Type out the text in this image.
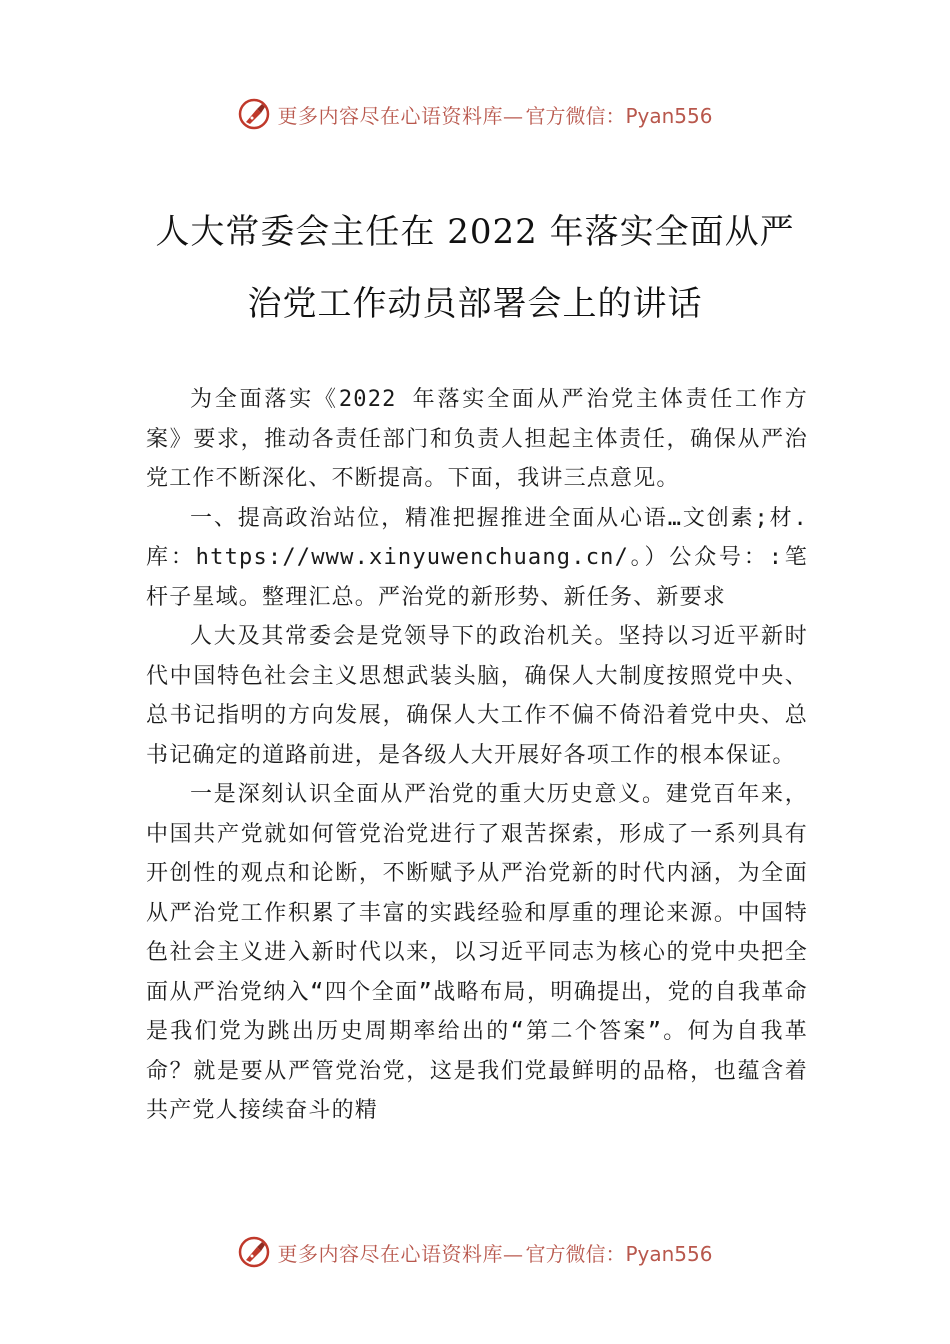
更多内容尽在心语资料库— 官方微信：Pyan556
人大常委会主任在 2022 年落实全面从严治党工作动员部署会上的讲话

为全面落实《2022 年落实全面从严治党主体责任工作方案》要求，推动各责任部门和负责人担起主体责任，确保从严治党工作不断深化、不断提高。下面，我讲三点意见。

一、提高政治站位，精准把握推进全面从心语…文创素;材.库：https://www.xinyuwenchuang.cn/。）公众号：:笔杆子星域。整理汇总。严治党的新形势、新任务、新要求

人大及其常委会是党领导下的政治机关。坚持以习近平新时代中国特色社会主义思想武装头脑，确保人大制度按照党中央、总书记指明的方向发展，确保人大工作不偏不倚沿着党中央、总书记确定的道路前进，是各级人大开展好各项工作的根本保证。

一是深刻认识全面从严治党的重大历史意义。建党百年来，中国共产党就如何管党治党进行了艰苦探索，形成了一系列具有开创性的观点和论断，不断赋予从严治党新的时代内涵，为全面从严治党工作积累了丰富的实践经验和厚重的理论来源。中国特色社会主义进入新时代以来，以习近平同志为核心的党中央把全面从严治党纳入“四个全面”战略布局，明确提出，党的自我革命是我们党为跳出历史周期率给出的“第二个答案”。何为自我革命？就是要从严管党治党，这是我们党最鲜明的品格，也蕴含着共产党人接续奋斗的精

更多内容尽在心语资料库— 官方微信：Pyan556
